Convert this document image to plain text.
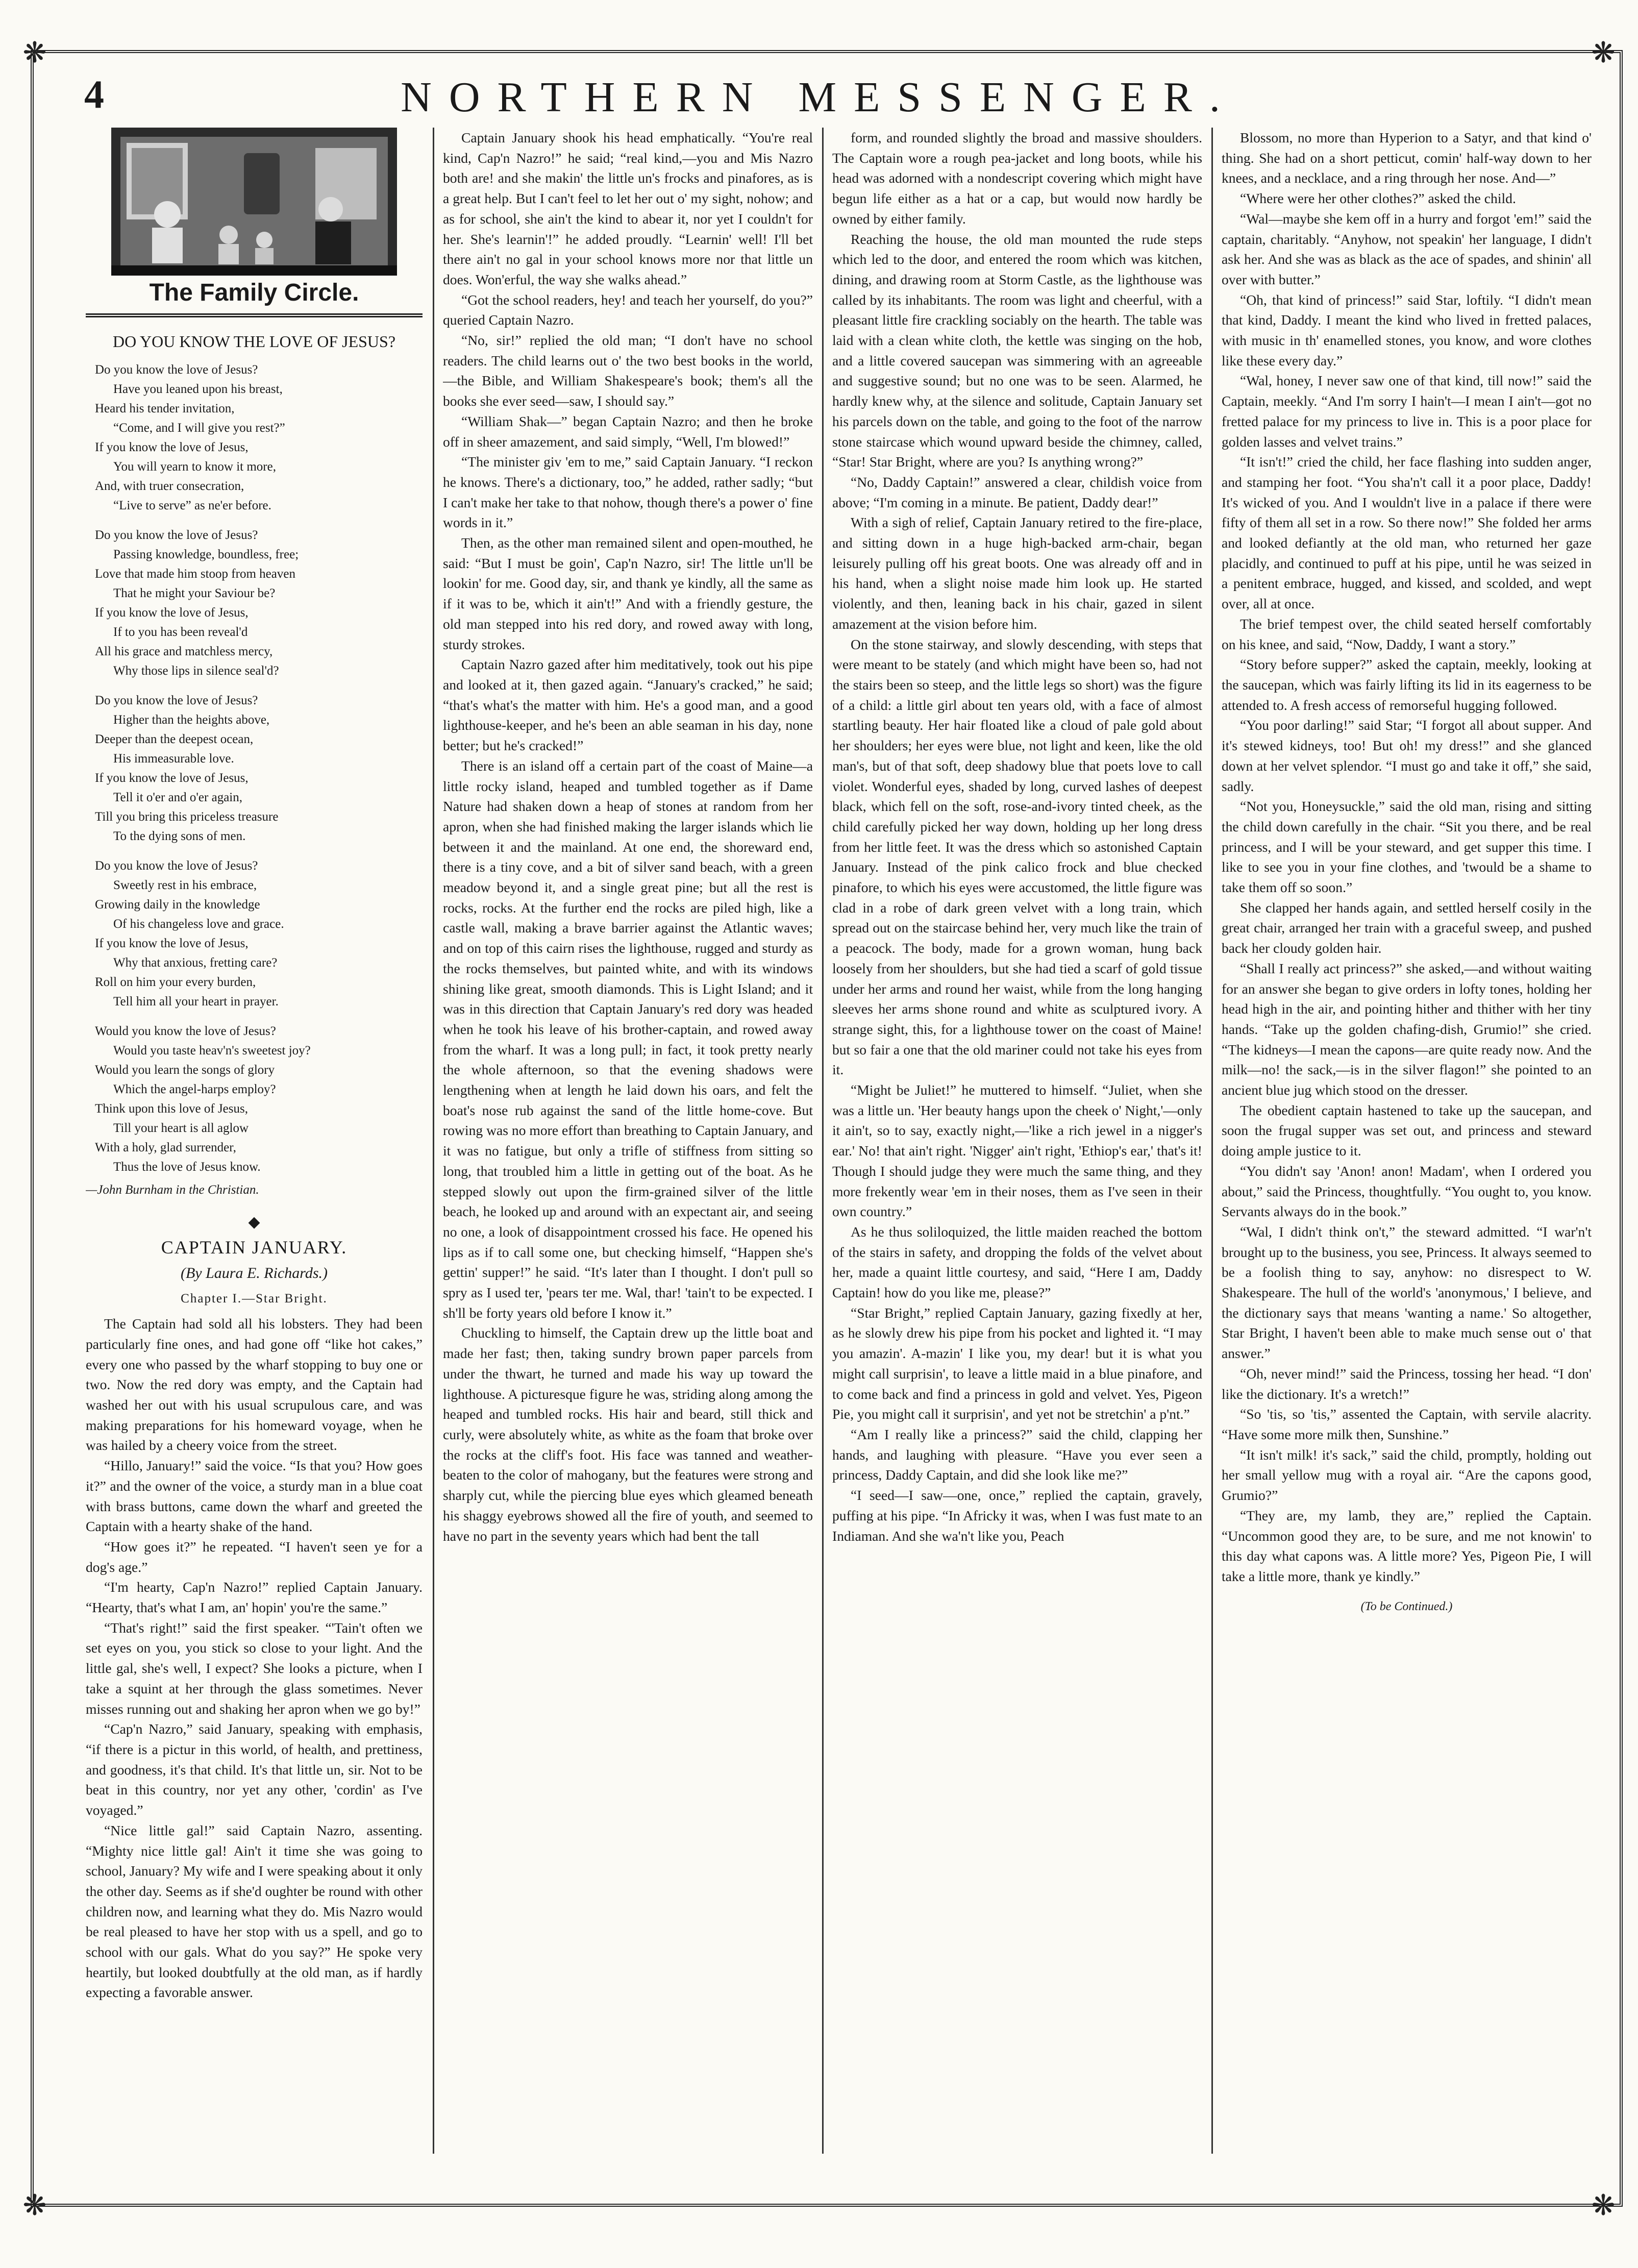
❋	❋
❋	❋
4	NORTHERN MESSENGER.
The Family Circle.
DO YOU KNOW THE LOVE OF JESUS?
Do you know the love of Jesus?
Have you leaned upon his breast,
Heard his tender invitation,
“Come, and I will give you rest?”
If you know the love of Jesus,
You will yearn to know it more,
And, with truer consecration,
“Live to serve” as ne'er before.
Do you know the love of Jesus?
Passing knowledge, boundless, free;
Love that made him stoop from heaven
That he might your Saviour be?
If you know the love of Jesus,
If to you has been reveal'd
All his grace and matchless mercy,
Why those lips in silence seal'd?
Do you know the love of Jesus?
Higher than the heights above,
Deeper than the deepest ocean,
His immeasurable love.
If you know the love of Jesus,
Tell it o'er and o'er again,
Till you bring this priceless treasure
To the dying sons of men.
Do you know the love of Jesus?
Sweetly rest in his embrace,
Growing daily in the knowledge
Of his changeless love and grace.
If you know the love of Jesus,
Why that anxious, fretting care?
Roll on him your every burden,
Tell him all your heart in prayer.
Would you know the love of Jesus?
Would you taste heav'n's sweetest joy?
Would you learn the songs of glory
Which the angel-harps employ?
Think upon this love of Jesus,
Till your heart is all aglow
With a holy, glad surrender,
Thus the love of Jesus know.
—John Burnham in the Christian.
◆
CAPTAIN JANUARY.
(By Laura E. Richards.)
Chapter I.—Star Bright.

The Captain had sold all his lobsters. They had been particularly fine ones, and had gone off “like hot cakes,” every one who passed by the wharf stopping to buy one or two. Now the red dory was empty, and the Captain had washed her out with his usual scrupulous care, and was making preparations for his homeward voyage, when he was hailed by a cheery voice from the street.

“Hillo, January!” said the voice. “Is that you? How goes it?” and the owner of the voice, a sturdy man in a blue coat with brass buttons, came down the wharf and greeted the Captain with a hearty shake of the hand.

“How goes it?” he repeated. “I haven't seen ye for a dog's age.”

“I'm hearty, Cap'n Nazro!” replied Captain January. “Hearty, that's what I am, an' hopin' you're the same.”

“That's right!” said the first speaker. “'Tain't often we set eyes on you, you stick so close to your light. And the little gal, she's well, I expect? She looks a picture, when I take a squint at her through the glass sometimes. Never misses running out and shaking her apron when we go by!”

“Cap'n Nazro,” said January, speaking with emphasis, “if there is a pictur in this world, of health, and prettiness, and goodness, it's that child. It's that little un, sir. Not to be beat in this country, nor yet any other, 'cordin' as I've voyaged.”

“Nice little gal!” said Captain Nazro, assenting. “Mighty nice little gal! Ain't it time she was going to school, January? My wife and I were speaking about it only the other day. Seems as if she'd oughter be round with other children now, and learning what they do. Mis Nazro would be real pleased to have her stop with us a spell, and go to school with our gals. What do you say?” He spoke very heartily, but looked doubtfully at the old man, as if hardly expecting a favorable answer.

Captain January shook his head emphatically. “You're real kind, Cap'n Nazro!” he said; “real kind,—you and Mis Nazro both are! and she makin' the little un's frocks and pinafores, as is a great help. But I can't feel to let her out o' my sight, nohow; and as for school, she ain't the kind to abear it, nor yet I couldn't for her. She's learnin'!” he added proudly. “Learnin' well! I'll bet there ain't no gal in your school knows more nor that little un does. Won'erful, the way she walks ahead.”

“Got the school readers, hey! and teach her yourself, do you?” queried Captain Nazro.

“No, sir!” replied the old man; “I don't have no school readers. The child learns out o' the two best books in the world,—the Bible, and William Shakespeare's book; them's all the books she ever seed—saw, I should say.”

“William Shak—” began Captain Nazro; and then he broke off in sheer amazement, and said simply, “Well, I'm blowed!”

“The minister giv 'em to me,” said Captain January. “I reckon he knows. There's a dictionary, too,” he added, rather sadly; “but I can't make her take to that nohow, though there's a power o' fine words in it.”

Then, as the other man remained silent and open-mouthed, he said: “But I must be goin', Cap'n Nazro, sir! The little un'll be lookin' for me. Good day, sir, and thank ye kindly, all the same as if it was to be, which it ain't!” And with a friendly gesture, the old man stepped into his red dory, and rowed away with long, sturdy strokes.

Captain Nazro gazed after him meditatively, took out his pipe and looked at it, then gazed again. “January's cracked,” he said; “that's what's the matter with him. He's a good man, and a good lighthouse-keeper, and he's been an able seaman in his day, none better; but he's cracked!”

There is an island off a certain part of the coast of Maine—a little rocky island, heaped and tumbled together as if Dame Nature had shaken down a heap of stones at random from her apron, when she had finished making the larger islands which lie between it and the mainland. At one end, the shoreward end, there is a tiny cove, and a bit of silver sand beach, with a green meadow beyond it, and a single great pine; but all the rest is rocks, rocks. At the further end the rocks are piled high, like a castle wall, making a brave barrier against the Atlantic waves; and on top of this cairn rises the lighthouse, rugged and sturdy as the rocks themselves, but painted white, and with its windows shining like great, smooth diamonds. This is Light Island; and it was in this direction that Captain January's red dory was headed when he took his leave of his brother-captain, and rowed away from the wharf. It was a long pull; in fact, it took pretty nearly the whole afternoon, so that the evening shadows were lengthening when at length he laid down his oars, and felt the boat's nose rub against the sand of the little home-cove. But rowing was no more effort than breathing to Captain January, and it was no fatigue, but only a trifle of stiffness from sitting so long, that troubled him a little in getting out of the boat. As he stepped slowly out upon the firm-grained silver of the little beach, he looked up and around with an expectant air, and seeing no one, a look of disappointment crossed his face. He opened his lips as if to call some one, but checking himself, “Happen she's gettin' supper!” he said. “It's later than I thought. I don't pull so spry as I used ter, 'pears ter me. Wal, thar! 'tain't to be expected. I sh'll be forty years old before I know it.”

Chuckling to himself, the Captain drew up the little boat and made her fast; then, taking sundry brown paper parcels from under the thwart, he turned and made his way up toward the lighthouse. A picturesque figure he was, striding along among the heaped and tumbled rocks. His hair and beard, still thick and curly, were absolutely white, as white as the foam that broke over the rocks at the cliff's foot. His face was tanned and weather-beaten to the color of mahogany, but the features were strong and sharply cut, while the piercing blue eyes which gleamed beneath his shaggy eyebrows showed all the fire of youth, and seemed to have no part in the seventy years which had bent the tall

form, and rounded slightly the broad and massive shoulders. The Captain wore a rough pea-jacket and long boots, while his head was adorned with a nondescript covering which might have begun life either as a hat or a cap, but would now hardly be owned by either family.

Reaching the house, the old man mounted the rude steps which led to the door, and entered the room which was kitchen, dining, and drawing room at Storm Castle, as the lighthouse was called by its inhabitants. The room was light and cheerful, with a pleasant little fire crackling sociably on the hearth. The table was laid with a clean white cloth, the kettle was singing on the hob, and a little covered saucepan was simmering with an agreeable and suggestive sound; but no one was to be seen. Alarmed, he hardly knew why, at the silence and solitude, Captain January set his parcels down on the table, and going to the foot of the narrow stone staircase which wound upward beside the chimney, called, “Star! Star Bright, where are you? Is anything wrong?”

“No, Daddy Captain!” answered a clear, childish voice from above; “I'm coming in a minute. Be patient, Daddy dear!”

With a sigh of relief, Captain January retired to the fire-place, and sitting down in a huge high-backed arm-chair, began leisurely pulling off his great boots. One was already off and in his hand, when a slight noise made him look up. He started violently, and then, leaning back in his chair, gazed in silent amazement at the vision before him.

On the stone stairway, and slowly descending, with steps that were meant to be stately (and which might have been so, had not the stairs been so steep, and the little legs so short) was the figure of a child: a little girl about ten years old, with a face of almost startling beauty. Her hair floated like a cloud of pale gold about her shoulders; her eyes were blue, not light and keen, like the old man's, but of that soft, deep shadowy blue that poets love to call violet. Wonderful eyes, shaded by long, curved lashes of deepest black, which fell on the soft, rose-and-ivory tinted cheek, as the child carefully picked her way down, holding up her long dress from her little feet. It was the dress which so astonished Captain January. Instead of the pink calico frock and blue checked pinafore, to which his eyes were accustomed, the little figure was clad in a robe of dark green velvet with a long train, which spread out on the staircase behind her, very much like the train of a peacock. The body, made for a grown woman, hung back loosely from her shoulders, but she had tied a scarf of gold tissue under her arms and round her waist, while from the long hanging sleeves her arms shone round and white as sculptured ivory. A strange sight, this, for a lighthouse tower on the coast of Maine! but so fair a one that the old mariner could not take his eyes from it.

“Might be Juliet!” he muttered to himself. “Juliet, when she was a little un. 'Her beauty hangs upon the cheek o' Night,'—only it ain't, so to say, exactly night,—'like a rich jewel in a nigger's ear.' No! that ain't right. 'Nigger' ain't right, 'Ethiop's ear,' that's it! Though I should judge they were much the same thing, and they more frekently wear 'em in their noses, them as I've seen in their own country.”

As he thus soliloquized, the little maiden reached the bottom of the stairs in safety, and dropping the folds of the velvet about her, made a quaint little courtesy, and said, “Here I am, Daddy Captain! how do you like me, please?”

“Star Bright,” replied Captain January, gazing fixedly at her, as he slowly drew his pipe from his pocket and lighted it. “I may you amazin'. A-mazin' I like you, my dear! but it is what you might call surprisin', to leave a little maid in a blue pinafore, and to come back and find a princess in gold and velvet. Yes, Pigeon Pie, you might call it surprisin', and yet not be stretchin' a p'nt.”

“Am I really like a princess?” said the child, clapping her hands, and laughing with pleasure. “Have you ever seen a princess, Daddy Captain, and did she look like me?”

“I seed—I saw—one, once,” replied the captain, gravely, puffing at his pipe. “In Africky it was, when I was fust mate to an Indiaman. And she wa'n't like you, Peach

Blossom, no more than Hyperion to a Satyr, and that kind o' thing. She had on a short petticut, comin' half-way down to her knees, and a necklace, and a ring through her nose. And—”

“Where were her other clothes?” asked the child.

“Wal—maybe she kem off in a hurry and forgot 'em!” said the captain, charitably. “Anyhow, not speakin' her language, I didn't ask her. And she was as black as the ace of spades, and shinin' all over with butter.”

“Oh, that kind of princess!” said Star, loftily. “I didn't mean that kind, Daddy. I meant the kind who lived in fretted palaces, with music in th' enamelled stones, you know, and wore clothes like these every day.”

“Wal, honey, I never saw one of that kind, till now!” said the Captain, meekly. “And I'm sorry I hain't—I mean I ain't—got no fretted palace for my princess to live in. This is a poor place for golden lasses and velvet trains.”

“It isn't!” cried the child, her face flashing into sudden anger, and stamping her foot. “You sha'n't call it a poor place, Daddy! It's wicked of you. And I wouldn't live in a palace if there were fifty of them all set in a row. So there now!” She folded her arms and looked defiantly at the old man, who returned her gaze placidly, and continued to puff at his pipe, until he was seized in a penitent embrace, hugged, and kissed, and scolded, and wept over, all at once.

The brief tempest over, the child seated herself comfortably on his knee, and said, “Now, Daddy, I want a story.”

“Story before supper?” asked the captain, meekly, looking at the saucepan, which was fairly lifting its lid in its eagerness to be attended to. A fresh access of remorseful hugging followed.

“You poor darling!” said Star; “I forgot all about supper. And it's stewed kidneys, too! But oh! my dress!” and she glanced down at her velvet splendor. “I must go and take it off,” she said, sadly.

“Not you, Honeysuckle,” said the old man, rising and sitting the child down carefully in the chair. “Sit you there, and be real princess, and I will be your steward, and get supper this time. I like to see you in your fine clothes, and 'twould be a shame to take them off so soon.”

She clapped her hands again, and settled herself cosily in the great chair, arranged her train with a graceful sweep, and pushed back her cloudy golden hair.

“Shall I really act princess?” she asked,—and without waiting for an answer she began to give orders in lofty tones, holding her head high in the air, and pointing hither and thither with her tiny hands. “Take up the golden chafing-dish, Grumio!” she cried. “The kidneys—I mean the capons—are quite ready now. And the milk—no! the sack,—is in the silver flagon!” she pointed to an ancient blue jug which stood on the dresser.

The obedient captain hastened to take up the saucepan, and soon the frugal supper was set out, and princess and steward doing ample justice to it.

“You didn't say 'Anon! anon! Madam', when I ordered you about,” said the Princess, thoughtfully. “You ought to, you know. Servants always do in the book.”

“Wal, I didn't think on't,” the steward admitted. “I war'n't brought up to the business, you see, Princess. It always seemed to be a foolish thing to say, anyhow: no disrespect to W. Shakespeare. The hull of the world's 'anonymous,' I believe, and the dictionary says that means 'wanting a name.' So altogether, Star Bright, I haven't been able to make much sense out o' that answer.”

“Oh, never mind!” said the Princess, tossing her head. “I don' like the dictionary. It's a wretch!”

“So 'tis, so 'tis,” assented the Captain, with servile alacrity. “Have some more milk then, Sunshine.”

“It isn't milk! it's sack,” said the child, promptly, holding out her small yellow mug with a royal air. “Are the capons good, Grumio?”

“They are, my lamb, they are,” replied the Captain. “Uncommon good they are, to be sure, and me not knowin' to this day what capons was. A little more? Yes, Pigeon Pie, I will take a little more, thank ye kindly.”

(To be Continued.)
